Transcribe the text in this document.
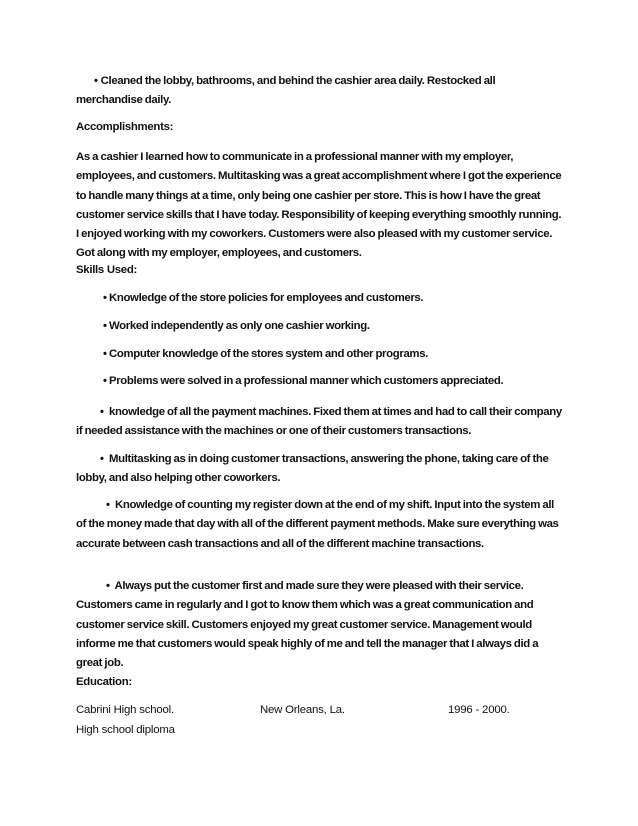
• Cleaned the lobby, bathrooms, and behind the cashier area daily. Restocked all merchandise daily.

Accomplishments:

As a cashier I learned how to communicate in a professional manner with my employer, employees, and customers. Multitasking was a great accomplishment where I got the experience to handle many things at a time, only being one cashier per store. This is how I have the great customer service skills that I have today. Responsibility of keeping everything smoothly running. I enjoyed working with my coworkers. Customers were also pleased with my customer service. Got along with my employer, employees, and customers.

Skills Used:

• Knowledge of the store policies for employees and customers.

• Worked independently as only one cashier working.

• Computer knowledge of the stores system and other programs.

• Problems were solved in a professional manner which customers appreciated.

• knowledge of all the payment machines. Fixed them at times and had to call their company if needed assistance with the machines or one of their customers transactions.

• Multitasking as in doing customer transactions, answering the phone, taking care of the lobby, and also helping other coworkers.

• Knowledge of counting my register down at the end of my shift. Input into the system all of the money made that day with all of the different payment methods. Make sure everything was accurate between cash transactions and all of the different machine transactions.

• Always put the customer first and made sure they were pleased with their service. Customers came in regularly and I got to know them which was a great communication and customer service skill. Customers enjoyed my great customer service. Management would informe me that customers would speak highly of me and tell the manager that I always did a great job.

Education:

Cabrini High school.	New Orleans, La.	1996 - 2000.

High school diploma
